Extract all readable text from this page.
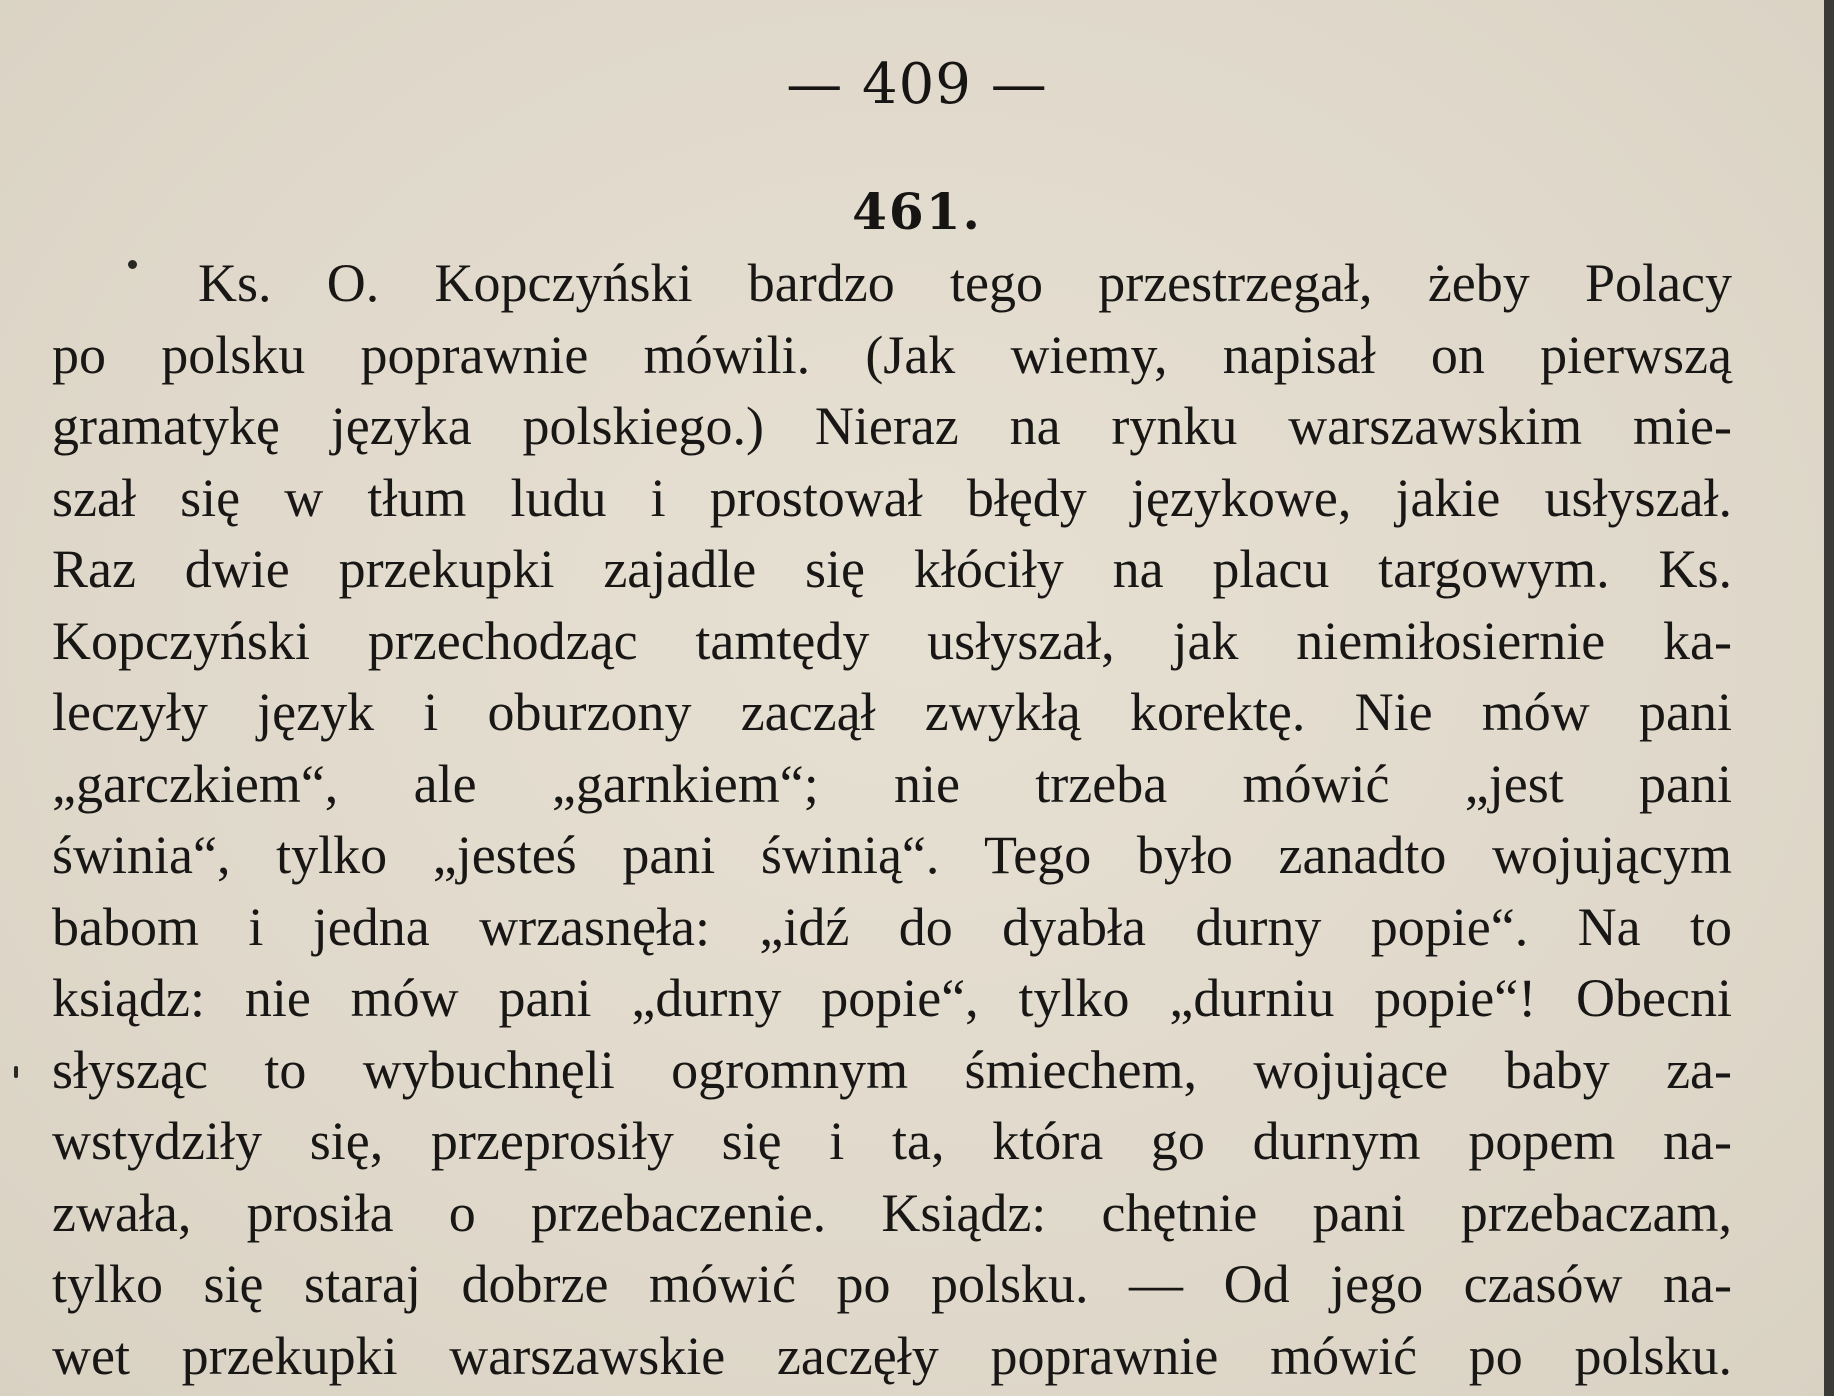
— 409 —
461.
Ks. O. Kopczyński bardzo tego przestrzegał, żeby Polacy
po polsku poprawnie mówili. (Jak wiemy, napisał on pierwszą
gramatykę języka polskiego.) Nieraz na rynku warszawskim mie-
szał się w tłum ludu i prostował błędy językowe, jakie usłyszał.
Raz dwie przekupki zajadle się kłóciły na placu targowym. Ks.
Kopczyński przechodząc tamtędy usłyszał, jak niemiłosiernie ka-
leczyły język i oburzony zaczął zwykłą korektę. Nie mów pani
„garczkiem“, ale „garnkiem“; nie trzeba mówić „jest pani
świnia“, tylko „jesteś pani świnią“. Tego było zanadto wojującym
babom i jedna wrzasnęła: „idź do dyabła durny popie“. Na to
ksiądz: nie mów pani „durny popie“, tylko „durniu popie“! Obecni
słysząc to wybuchnęli ogromnym śmiechem, wojujące baby za-
wstydziły się, przeprosiły się i ta, która go durnym popem na-
zwała, prosiła o przebaczenie. Ksiądz: chętnie pani przebaczam,
tylko się staraj dobrze mówić po polsku. — Od jego czasów na-
wet przekupki warszawskie zaczęły poprawnie mówić po polsku.
